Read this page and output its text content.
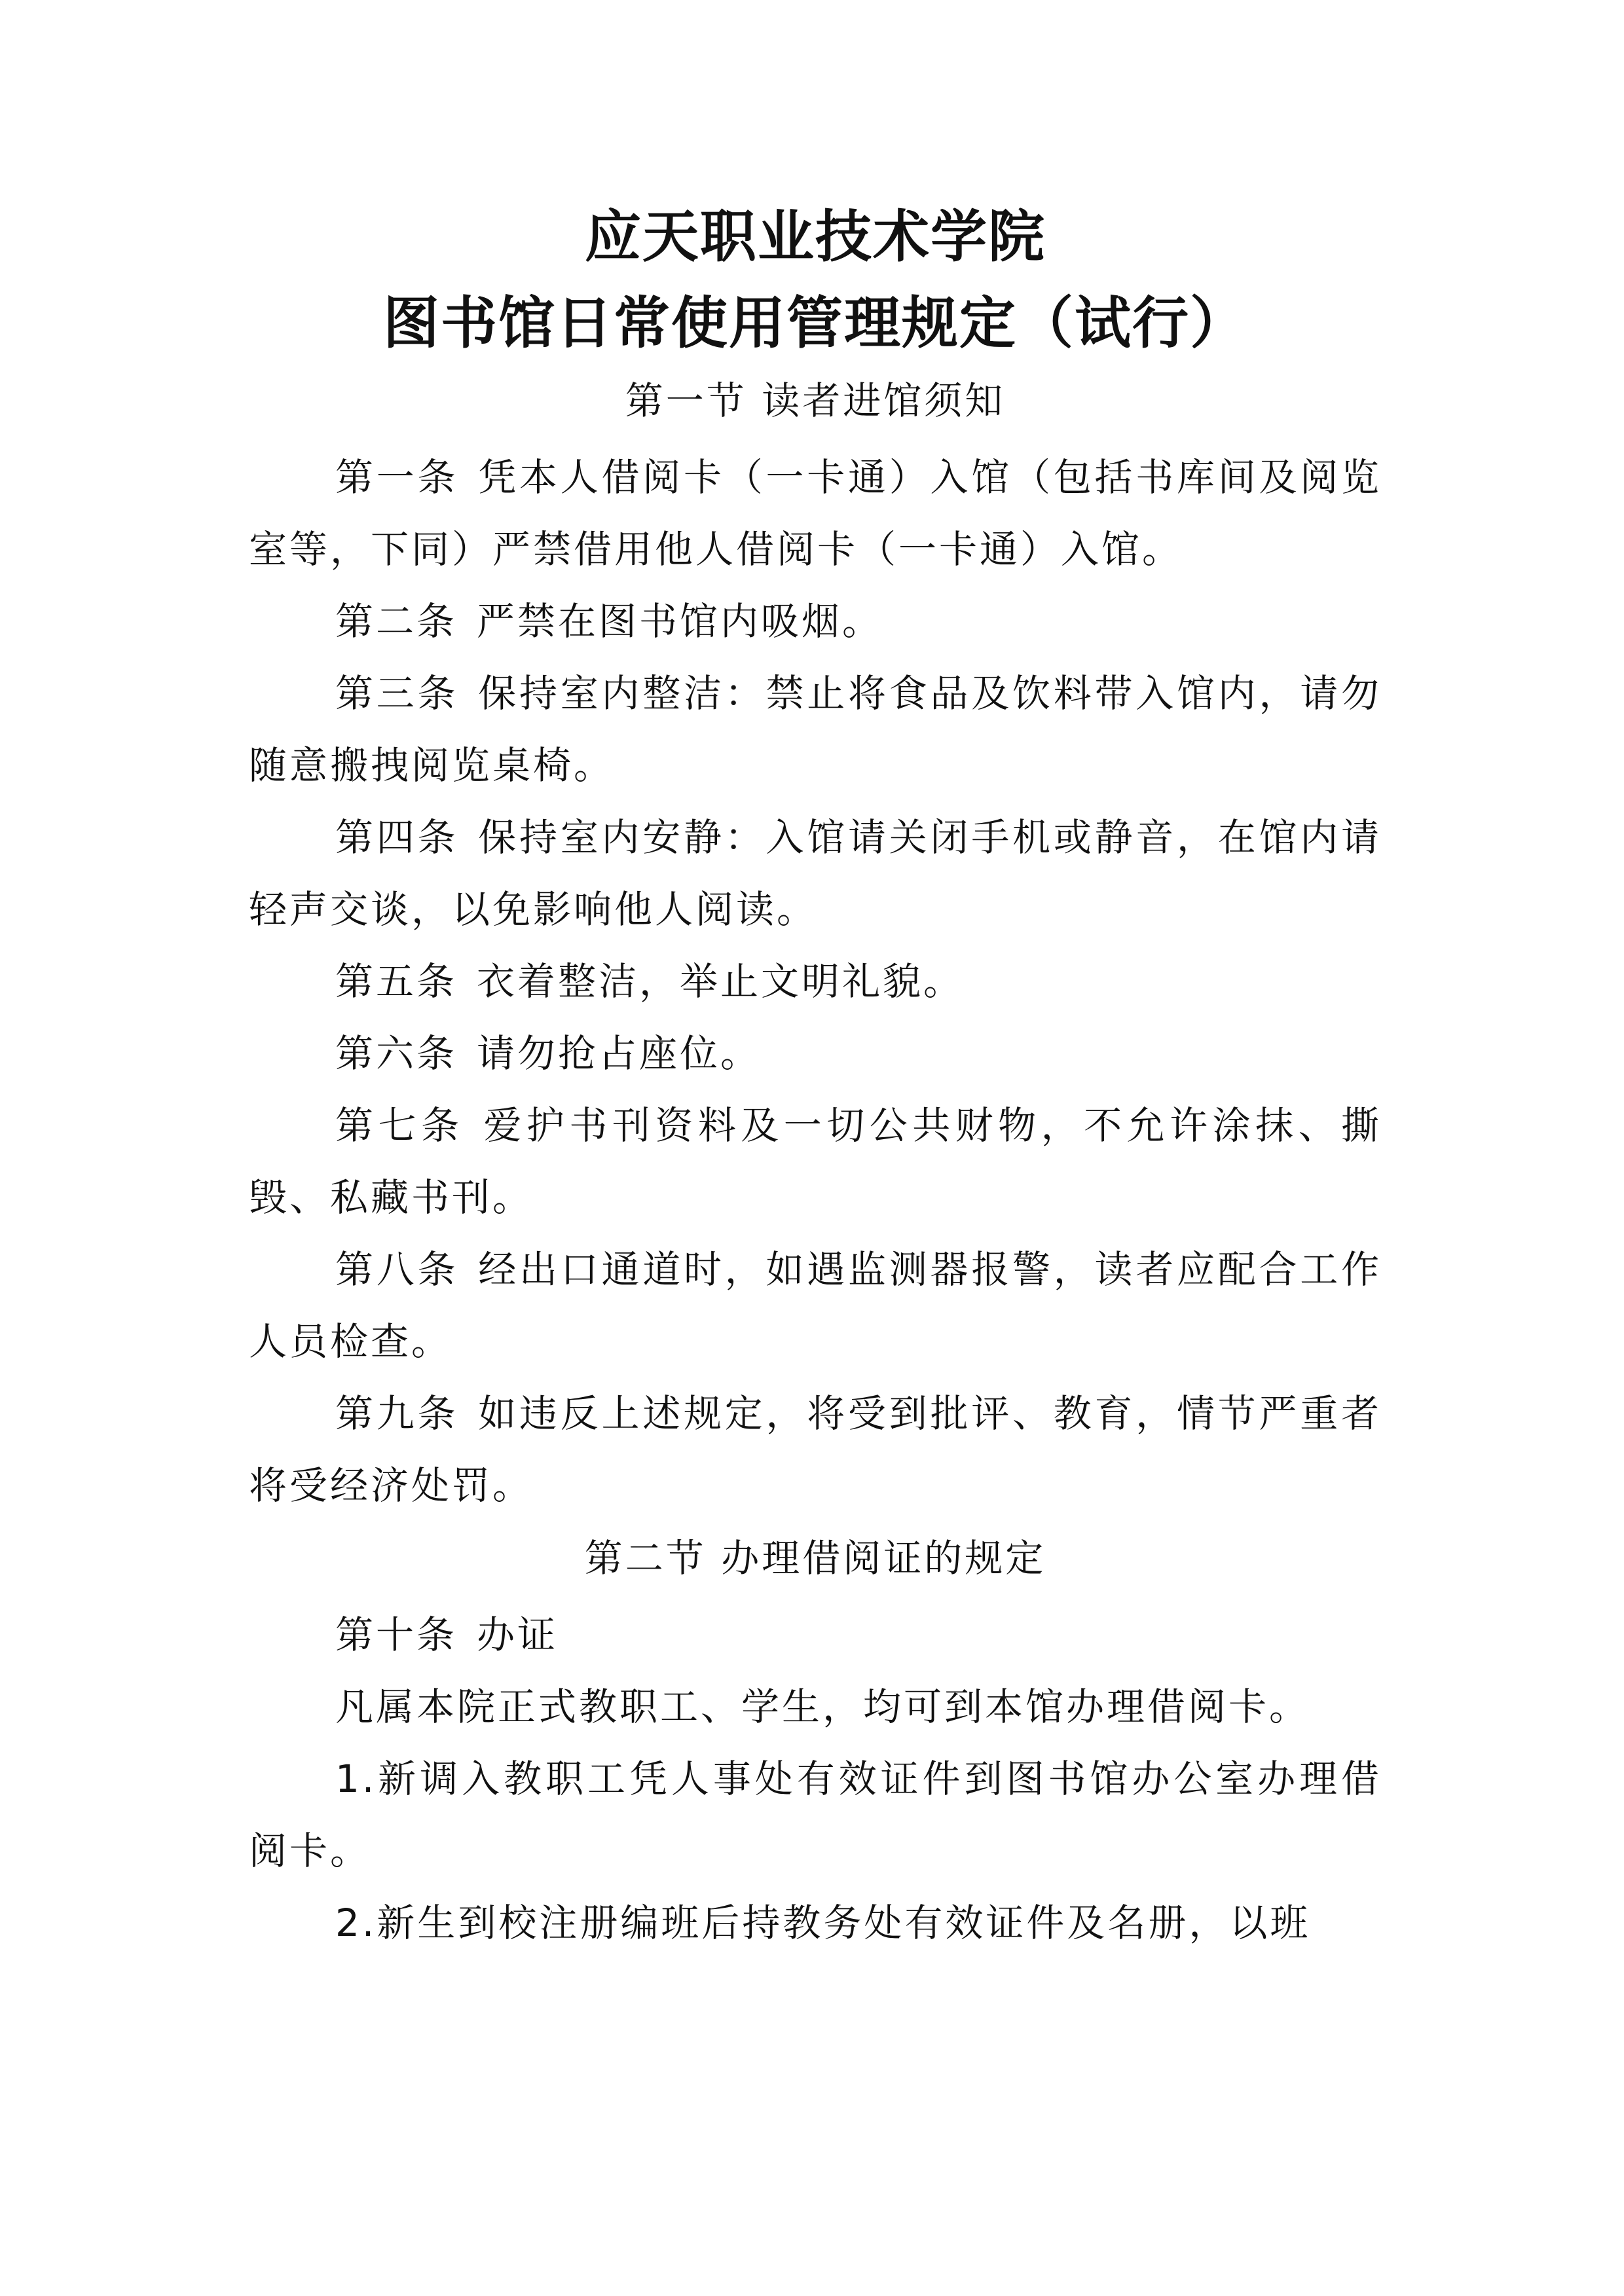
应天职业技术学院
图书馆日常使用管理规定（试行）
第一节 读者进馆须知

第一条 凭本人借阅卡（一卡通）入馆（包括书库间及阅览室等，下同）严禁借用他人借阅卡（一卡通）入馆。

第二条 严禁在图书馆内吸烟。

第三条 保持室内整洁：禁止将食品及饮料带入馆内，请勿随意搬拽阅览桌椅。

第四条 保持室内安静：入馆请关闭手机或静音，在馆内请轻声交谈，以免影响他人阅读。

第五条 衣着整洁，举止文明礼貌。

第六条 请勿抢占座位。

第七条 爱护书刊资料及一切公共财物，不允许涂抹、撕毁、私藏书刊。

第八条 经出口通道时，如遇监测器报警，读者应配合工作人员检查。

第九条 如违反上述规定，将受到批评、教育，情节严重者将受经济处罚。

第二节 办理借阅证的规定

第十条 办证

凡属本院正式教职工、学生，均可到本馆办理借阅卡。

1.新调入教职工凭人事处有效证件到图书馆办公室办理借阅卡。

2.新生到校注册编班后持教务处有效证件及名册，以班
